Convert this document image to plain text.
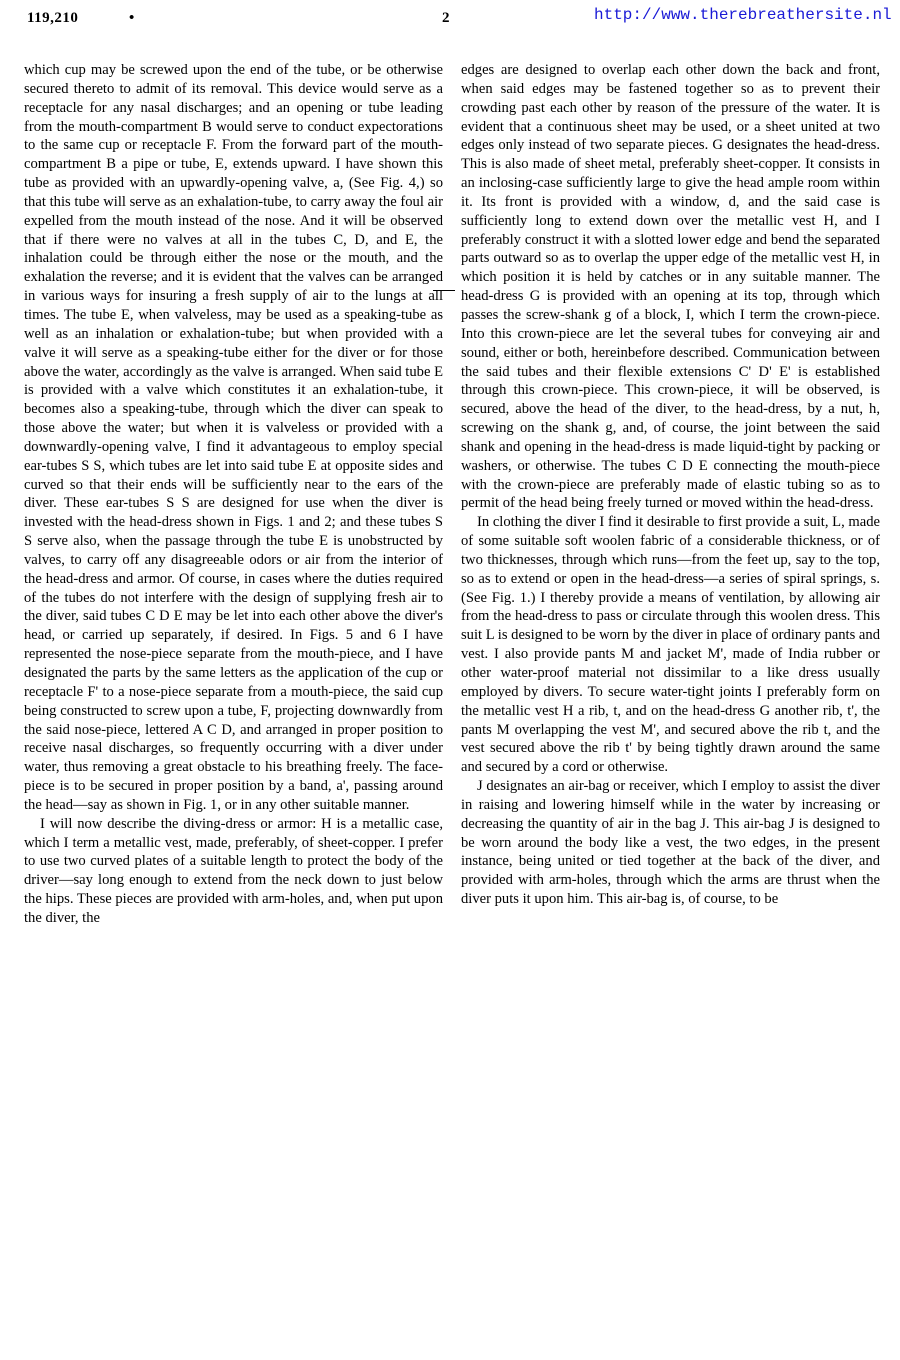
119,210	•	2	http://www.therebreathersite.nl

which cup may be screwed upon the end of the tube, or be otherwise secured thereto to admit of its removal. This device would serve as a receptacle for any nasal discharges; and an opening or tube leading from the mouth-compartment B would serve to conduct expectorations to the same cup or receptacle F. From the forward part of the mouth-compartment B a pipe or tube, E, extends upward. I have shown this tube as provided with an upwardly-opening valve, a, (See Fig. 4,) so that this tube will serve as an exhalation-tube, to carry away the foul air expelled from the mouth instead of the nose. And it will be observed that if there were no valves at all in the tubes C, D, and E, the inhalation could be through either the nose or the mouth, and the exhalation the reverse; and it is evident that the valves can be arranged in various ways for insuring a fresh supply of air to the lungs at all times. The tube E, when valveless, may be used as a speaking-tube as well as an inhalation or exhalation-tube; but when provided with a valve it will serve as a speaking-tube either for the diver or for those above the water, accordingly as the valve is arranged. When said tube E is provided with a valve which constitutes it an exhalation-tube, it becomes also a speaking-tube, through which the diver can speak to those above the water; but when it is valveless or provided with a downwardly-opening valve, I find it advantageous to employ special ear-tubes S S, which tubes are let into said tube E at opposite sides and curved so that their ends will be sufficiently near to the ears of the diver. These ear-tubes S S are designed for use when the diver is invested with the head-dress shown in Figs. 1 and 2; and these tubes S S serve also, when the passage through the tube E is unobstructed by valves, to carry off any disagreeable odors or air from the interior of the head-dress and armor. Of course, in cases where the duties required of the tubes do not interfere with the design of supplying fresh air to the diver, said tubes C D E may be let into each other above the diver's head, or carried up separately, if desired. In Figs. 5 and 6 I have represented the nose-piece separate from the mouth-piece, and I have designated the parts by the same letters as the application of the cup or receptacle F' to a nose-piece separate from a mouth-piece, the said cup being constructed to screw upon a tube, F, projecting downwardly from the said nose-piece, lettered A C D, and arranged in proper position to receive nasal discharges, so frequently occurring with a diver under water, thus removing a great obstacle to his breathing freely. The face-piece is to be secured in proper position by a band, a', passing around the head—say as shown in Fig. 1, or in any other suitable manner.

I will now describe the diving-dress or armor: H is a metallic case, which I term a metallic vest, made, preferably, of sheet-copper. I prefer to use two curved plates of a suitable length to protect the body of the driver—say long enough to extend from the neck down to just below the hips. These pieces are provided with arm-holes, and, when put upon the diver, the

edges are designed to overlap each other down the back and front, when said edges may be fastened together so as to prevent their crowding past each other by reason of the pressure of the water. It is evident that a continuous sheet may be used, or a sheet united at two edges only instead of two separate pieces. G designates the head-dress. This is also made of sheet metal, preferably sheet-copper. It consists in an inclosing-case sufficiently large to give the head ample room within it. Its front is provided with a window, d, and the said case is sufficiently long to extend down over the metallic vest H, and I preferably construct it with a slotted lower edge and bend the separated parts outward so as to overlap the upper edge of the metallic vest H, in which position it is held by catches or in any suitable manner. The head-dress G is provided with an opening at its top, through which passes the screw-shank g of a block, I, which I term the crown-piece. Into this crown-piece are let the several tubes for conveying air and sound, either or both, hereinbefore described. Communication between the said tubes and their flexible extensions C' D' E' is established through this crown-piece. This crown-piece, it will be observed, is secured, above the head of the diver, to the head-dress, by a nut, h, screwing on the shank g, and, of course, the joint between the said shank and opening in the head-dress is made liquid-tight by packing or washers, or otherwise. The tubes C D E connecting the mouth-piece with the crown-piece are preferably made of elastic tubing so as to permit of the head being freely turned or moved within the head-dress.

In clothing the diver I find it desirable to first provide a suit, L, made of some suitable soft woolen fabric of a considerable thickness, or of two thicknesses, through which runs—from the feet up, say to the top, so as to extend or open in the head-dress—a series of spiral springs, s. (See Fig. 1.) I thereby provide a means of ventilation, by allowing air from the head-dress to pass or circulate through this woolen dress. This suit L is designed to be worn by the diver in place of ordinary pants and vest. I also provide pants M and jacket M', made of India rubber or other water-proof material not dissimilar to a like dress usually employed by divers. To secure water-tight joints I preferably form on the metallic vest H a rib, t, and on the head-dress G another rib, t', the pants M overlapping the vest M', and secured above the rib t, and the vest secured above the rib t' by being tightly drawn around the same and secured by a cord or otherwise.

J designates an air-bag or receiver, which I employ to assist the diver in raising and lowering himself while in the water by increasing or decreasing the quantity of air in the bag J. This air-bag J is designed to be worn around the body like a vest, the two edges, in the present instance, being united or tied together at the back of the diver, and provided with arm-holes, through which the arms are thrust when the diver puts it upon him. This air-bag is, of course, to be
